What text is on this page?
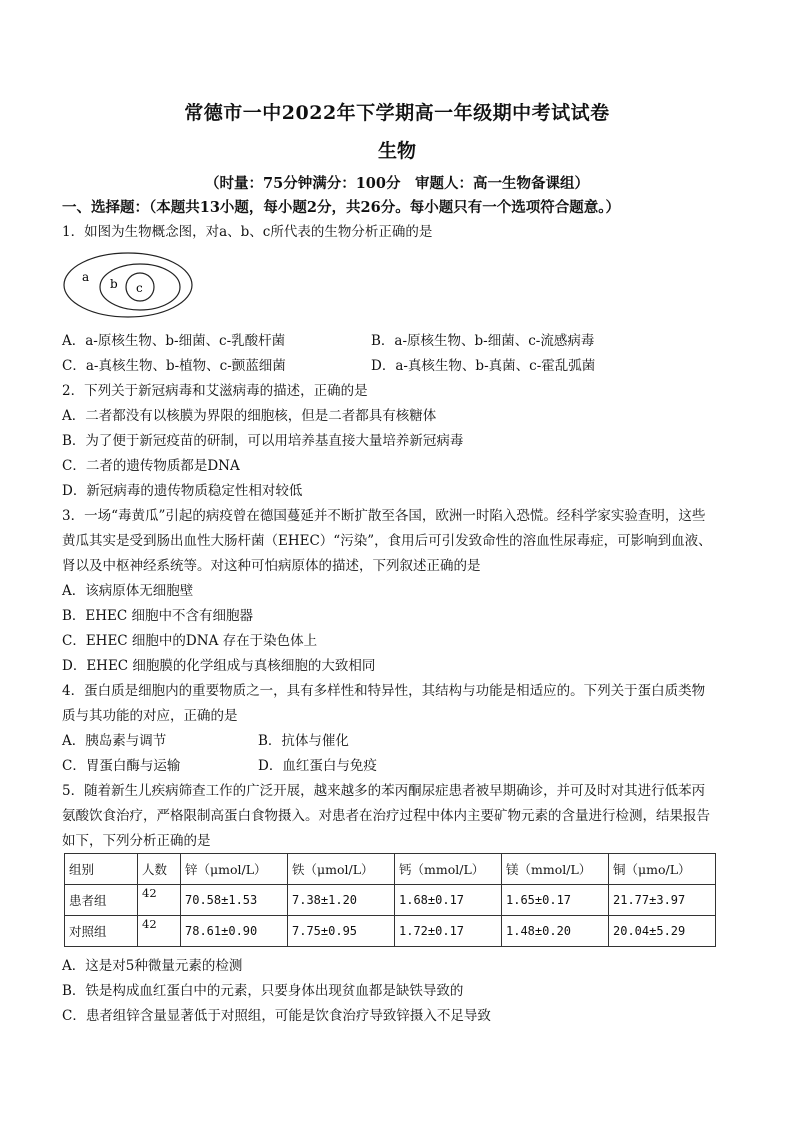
常德市一中2022年下学期高一年级期中考试试卷
生物
（时量：75分钟满分：100分　审题人：高一生物备课组）
一、选择题：（本题共13小题，每小题2分，共26分。每小题只有一个选项符合题意。）
1．如图为生物概念图，对a、b、c所代表的生物分析正确的是
a b c
A．a-原核生物、b-细菌、c-乳酸杆菌	B．a-原核生物、b-细菌、c-流感病毒
C．a-真核生物、b-植物、c-颤蓝细菌	D．a-真核生物、b-真菌、c-霍乱弧菌
2．下列关于新冠病毒和艾滋病毒的描述，正确的是
A．二者都没有以核膜为界限的细胞核，但是二者都具有核糖体
B．为了便于新冠疫苗的研制，可以用培养基直接大量培养新冠病毒
C．二者的遗传物质都是DNA
D．新冠病毒的遗传物质稳定性相对较低
3．一场“毒黄瓜”引起的病疫曾在德国蔓延并不断扩散至各国，欧洲一时陷入恐慌。经科学家实验查明，这些
黄瓜其实是受到肠出血性大肠杆菌（EHEC）“污染”，食用后可引发致命性的溶血性尿毒症，可影响到血液、
肾以及中枢神经系统等。对这种可怕病原体的描述，下列叙述正确的是
A．该病原体无细胞壁
B．EHEC 细胞中不含有细胞器
C．EHEC 细胞中的DNA 存在于染色体上
D．EHEC 细胞膜的化学组成与真核细胞的大致相同
4．蛋白质是细胞内的重要物质之一，具有多样性和特异性，其结构与功能是相适应的。下列关于蛋白质类物
质与其功能的对应，正确的是
A．胰岛素与调节	B．抗体与催化
C．胃蛋白酶与运输	D．血红蛋白与免疫
5．随着新生儿疾病筛查工作的广泛开展，越来越多的苯丙酮尿症患者被早期确诊，并可及时对其进行低苯丙
氨酸饮食治疗，严格限制高蛋白食物摄入。对患者在治疗过程中体内主要矿物元素的含量进行检测，结果报告
如下，下列分析正确的是
组别	人数	锌（μmol/L）	铁（μmol/L）	钙（mmol/L）	镁（mmol/L）	铜（μmo/L）
患者组	42	70.58±1.53	7.38±1.20	1.68±0.17	1.65±0.17	21.77±3.97
对照组	42	78.61±0.90	7.75±0.95	1.72±0.17	1.48±0.20	20.04±5.29
A．这是对5种微量元素的检测
B．铁是构成血红蛋白中的元素，只要身体出现贫血都是缺铁导致的
C．患者组锌含量显著低于对照组，可能是饮食治疗导致锌摄入不足导致
